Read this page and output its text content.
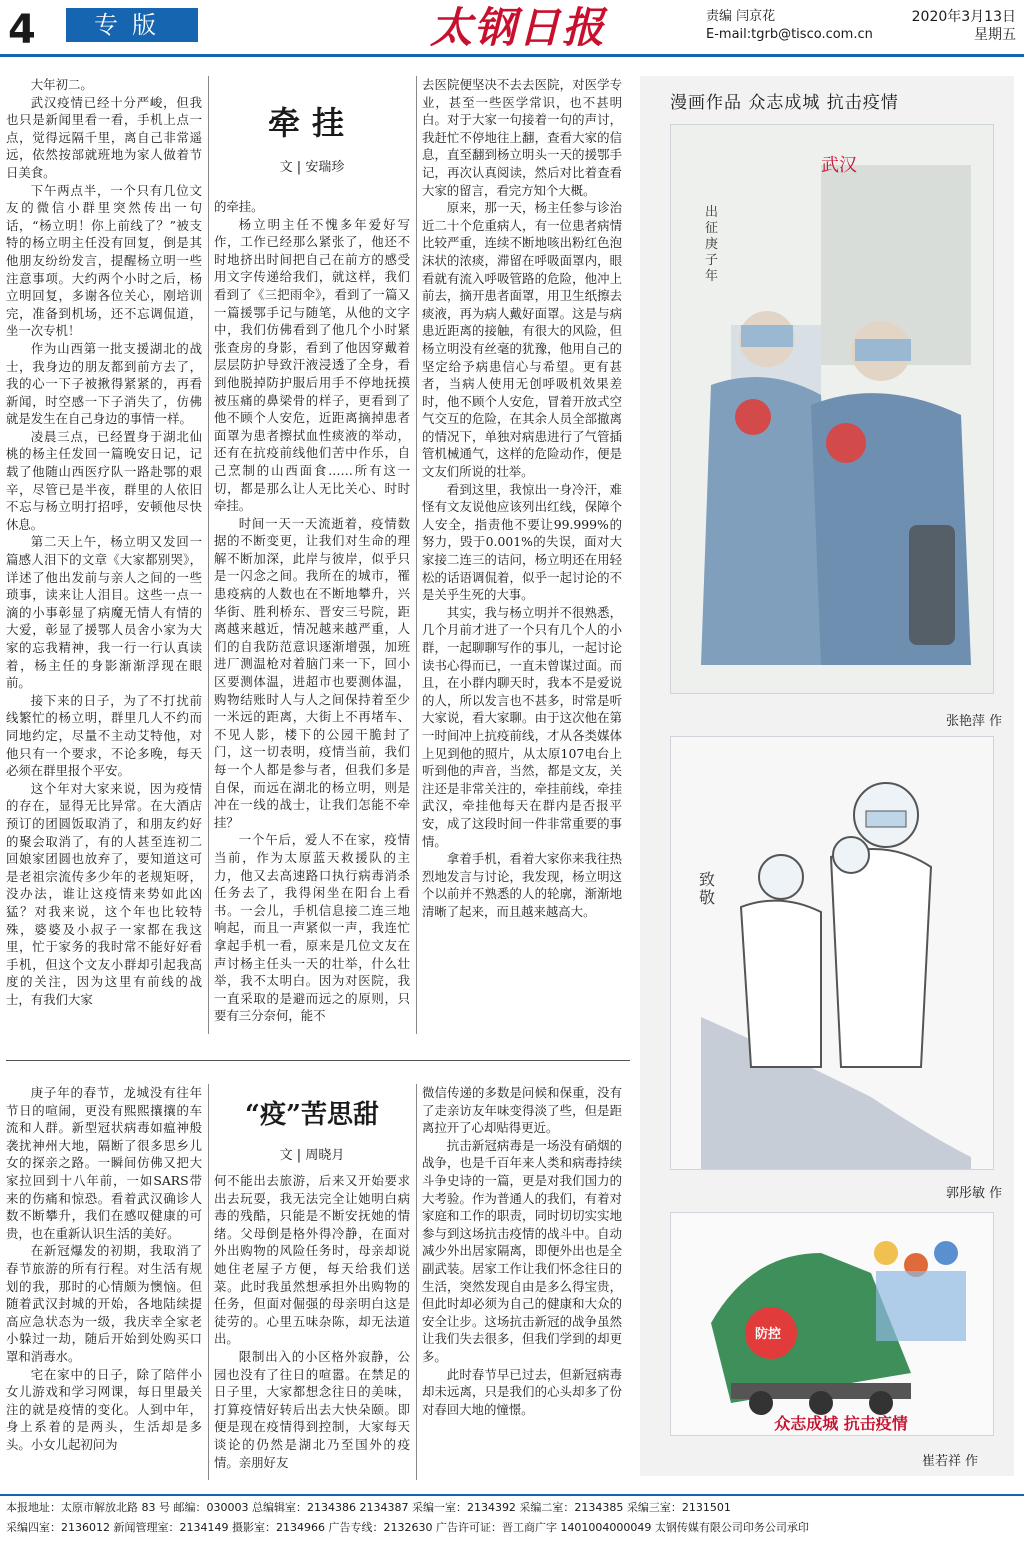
4	专版	太钢日报	责编 闫京花
E-mail:tgrb@tisco.com.cn
2020年3月13日
星期五

大年初二。

武汉疫情已经十分严峻，但我也只是新闻里看一看，手机上点一点，觉得远隔千里，离自己非常遥远，依然按部就班地为家人做着节日美食。

下午两点半，一个只有几位文友的微信小群里突然传出一句话，“杨立明！你上前线了？”被支特的杨立明主任没有回复，倒是其他朋友纷纷发言，提醒杨立明一些注意事项。大约两个小时之后，杨立明回复，多谢各位关心，刚培训完，准备到机场，还不忘调侃道，坐一次专机！

作为山西第一批支援湖北的战士，我身边的朋友都到前方去了，我的心一下子被揪得紧紧的，再看新闻，时空感一下子消失了，仿佛就是发生在自己身边的事情一样。

凌晨三点，已经置身于湖北仙桃的杨主任发回一篇晚安日记，记载了他随山西医疗队一路赴鄂的艰辛，尽管已是半夜，群里的人依旧不忘与杨立明打招呼，安顿他尽快休息。

第二天上午，杨立明又发回一篇感人泪下的文章《大家都别哭》，详述了他出发前与亲人之间的一些琐事，读来让人泪目。这些一点一滴的小事彰显了病魔无情人有情的大爱，彰显了援鄂人员舍小家为大家的忘我精神，我一行一行认真读着，杨主任的身影渐渐浮现在眼前。

接下来的日子，为了不打扰前线繁忙的杨立明，群里几人不约而同地约定，尽量不主动艾特他，对他只有一个要求，不论多晚，每天必须在群里报个平安。

这个年对大家来说，因为疫情的存在，显得无比异常。在大酒店预订的团圆饭取消了，和朋友约好的聚会取消了，有的人甚至连初二回娘家团圆也放弃了，要知道这可是老祖宗流传多少年的老规矩呀，没办法，谁让这疫情来势如此凶猛？对我来说，这个年也比较特殊，婆婆及小叔子一家都在我这里，忙于家务的我时常不能好好看手机，但这个文友小群却引起我高度的关注，因为这里有前线的战士，有我们大家

牵挂
文 | 安瑞珍

的牵挂。

杨立明主任不愧多年爱好写作，工作已经那么紧张了，他还不时地挤出时间把自己在前方的感受用文字传递给我们，就这样，我们看到了《三把雨伞》，看到了一篇又一篇援鄂手记与随笔，从他的文字中，我们仿佛看到了他几个小时紧张查房的身影，看到了他因穿戴着层层防护导致汗液浸透了全身，看到他脱掉防护服后用手不停地抚摸被压痛的鼻梁骨的样子，更看到了他不顾个人安危，近距离摘掉患者面罩为患者擦拭血性痰液的举动，还有在抗疫前线他们苦中作乐，自己烹制的山西面食……所有这一切，都是那么让人无比关心、时时牵挂。

时间一天一天流逝着，疫情数据的不断变更，让我们对生命的理解不断加深，此岸与彼岸，似乎只是一闪念之间。我所在的城市，罹患疫病的人数也在不断地攀升，兴华街、胜利桥东、晋安三号院，距离越来越近，情况越来越严重，人们的自我防范意识逐渐增强，加班进厂测温枪对着脑门来一下，回小区要测体温，进超市也要测体温，购物结账时人与人之间保持着至少一米远的距离，大街上不再堵车、不见人影，楼下的公园干脆封了门，这一切表明，疫情当前，我们每一个人都是参与者，但我们多是自保，而远在湖北的杨立明，则是冲在一线的战士，让我们怎能不牵挂？

一个午后，爱人不在家，疫情当前，作为太原蓝天救援队的主力，他又去高速路口执行病毒消杀任务去了，我得闲坐在阳台上看书。一会儿，手机信息接二连三地响起，而且一声紧似一声，我连忙拿起手机一看，原来是几位文友在声讨杨主任头一天的壮举，什么壮举，我不太明白。因为对医院，我一直采取的是避而远之的原则，只要有三分奈何，能不

去医院便坚决不去去医院，对医学专业，甚至一些医学常识，也不甚明白。对于大家一句接着一句的声讨，我赶忙不停地往上翻，查看大家的信息，直至翻到杨立明头一天的援鄂手记，再次认真阅读，然后对比着查看大家的留言，看完方知个大概。

原来，那一天，杨主任参与诊治近二十个危重病人，有一位患者病情比较严重，连续不断地咳出粉红色泡沫状的浓痰，滞留在呼吸面罩内，眼看就有流入呼吸管路的危险，他冲上前去，摘开患者面罩，用卫生纸擦去痰液，再为病人戴好面罩。这是与病患近距离的接触，有很大的风险，但杨立明没有丝毫的犹豫，他用自己的坚定给予病患信心与希望。更有甚者，当病人使用无创呼吸机效果差时，他不顾个人安危，冒着开放式空气交互的危险，在其余人员全部撤离的情况下，单独对病患进行了气管插管机械通气，这样的危险动作，便是文友们所说的壮举。

看到这里，我惊出一身冷汗，难怪有文友说他应该列出红线，保障个人安全，指责他不要让99.999%的努力，毁于0.001%的失误，面对大家接二连三的诘问，杨立明还在用轻松的话语调侃着，似乎一起讨论的不是关乎生死的大事。

其实，我与杨立明并不很熟悉，几个月前才进了一个只有几个人的小群，一起聊聊写作的事儿，一起讨论读书心得而已，一直未曾谋过面。而且，在小群内聊天时，我本不是爱说的人，所以发言也不甚多，时常是听大家说，看大家聊。由于这次他在第一时间冲上抗疫前线，才从各类媒体上见到他的照片，从太原107电台上听到他的声音，当然，都是文友，关注还是非常关注的，牵挂前线，牵挂武汉，牵挂他每天在群内是否报平安，成了这段时间一件非常重要的事情。

拿着手机，看着大家你来我往热烈地发言与讨论，我发现，杨立明这个以前并不熟悉的人的轮廓，渐渐地清晰了起来，而且越来越高大。

庚子年的春节，龙城没有往年节日的喧闹，更没有熙熙攘攘的车流和人群。新型冠状病毒如瘟神般袭扰神州大地，隔断了很多思乡儿女的探亲之路。一瞬间仿佛又把大家拉回到十八年前，一如SARS带来的伤痛和惊恐。看着武汉确诊人数不断攀升，我们在感叹健康的可贵，也在重新认识生活的美好。

在新冠爆发的初期，我取消了春节旅游的所有行程。对生活有规划的我，那时的心情颇为懊恼。但随着武汉封城的开始，各地陆续提高应急状态为一级，我庆幸全家老小躲过一劫，随后开始到处购买口罩和消毒水。

宅在家中的日子，除了陪伴小女儿游戏和学习网课，每日里最关注的就是疫情的变化。人到中年，身上系着的是两头，生活却是多头。小女儿起初问为

“疫”苦思甜
文 | 周晓月

何不能出去旅游，后来又开始要求出去玩耍，我无法完全让她明白病毒的残酷，只能是不断安抚她的情绪。父母倒是格外得冷静，在面对外出购物的风险任务时，母亲却说她住老屋子方便，每天给我们送菜。此时我虽然想承担外出购物的任务，但面对倔强的母亲明白这是徒劳的。心里五味杂陈，却无法道出。

限制出入的小区格外寂静，公园也没有了往日的喧嚣。在禁足的日子里，大家都想念往日的美味，打算疫情好转后出去大快朵颐。即便是现在疫情得到控制，大家每天谈论的仍然是湖北乃至国外的疫情。亲朋好友

微信传递的多数是问候和保重，没有了走亲访友年味变得淡了些，但是距离拉开了心却贴得更近。

抗击新冠病毒是一场没有硝烟的战争，也是千百年来人类和病毒持续斗争史诗的一篇，更是对我们国力的大考验。作为普通人的我们，有着对家庭和工作的职责，同时切切实实地参与到这场抗击疫情的战斗中。自动减少外出居家隔离，即便外出也是全副武装。居家工作让我们怀念往日的生活，突然发现自由是多么得宝贵，但此时却必须为自己的健康和大众的安全让步。这场抗击新冠的战争虽然让我们失去很多，但我们学到的却更多。

此时春节早已过去，但新冠病毒却未远离，只是我们的心头却多了份对春回大地的憧憬。

漫画作品 众志成城 抗击疫情
武汉
出征 庚子年
张艳萍 作
致敬
郭彤敏 作
防控
众志成城 抗击疫情
崔若祥 作
本报地址：太原市解放北路 83 号 邮编：030003 总编辑室：2134386 2134387 采编一室：2134392 采编二室：2134385 采编三室：2131501
采编四室：2136012 新闻管理室：2134149 摄影室：2134966 广告专线：2132630 广告许可证：晋工商广字 1401004000049 太钢传媒有限公司印务公司承印
